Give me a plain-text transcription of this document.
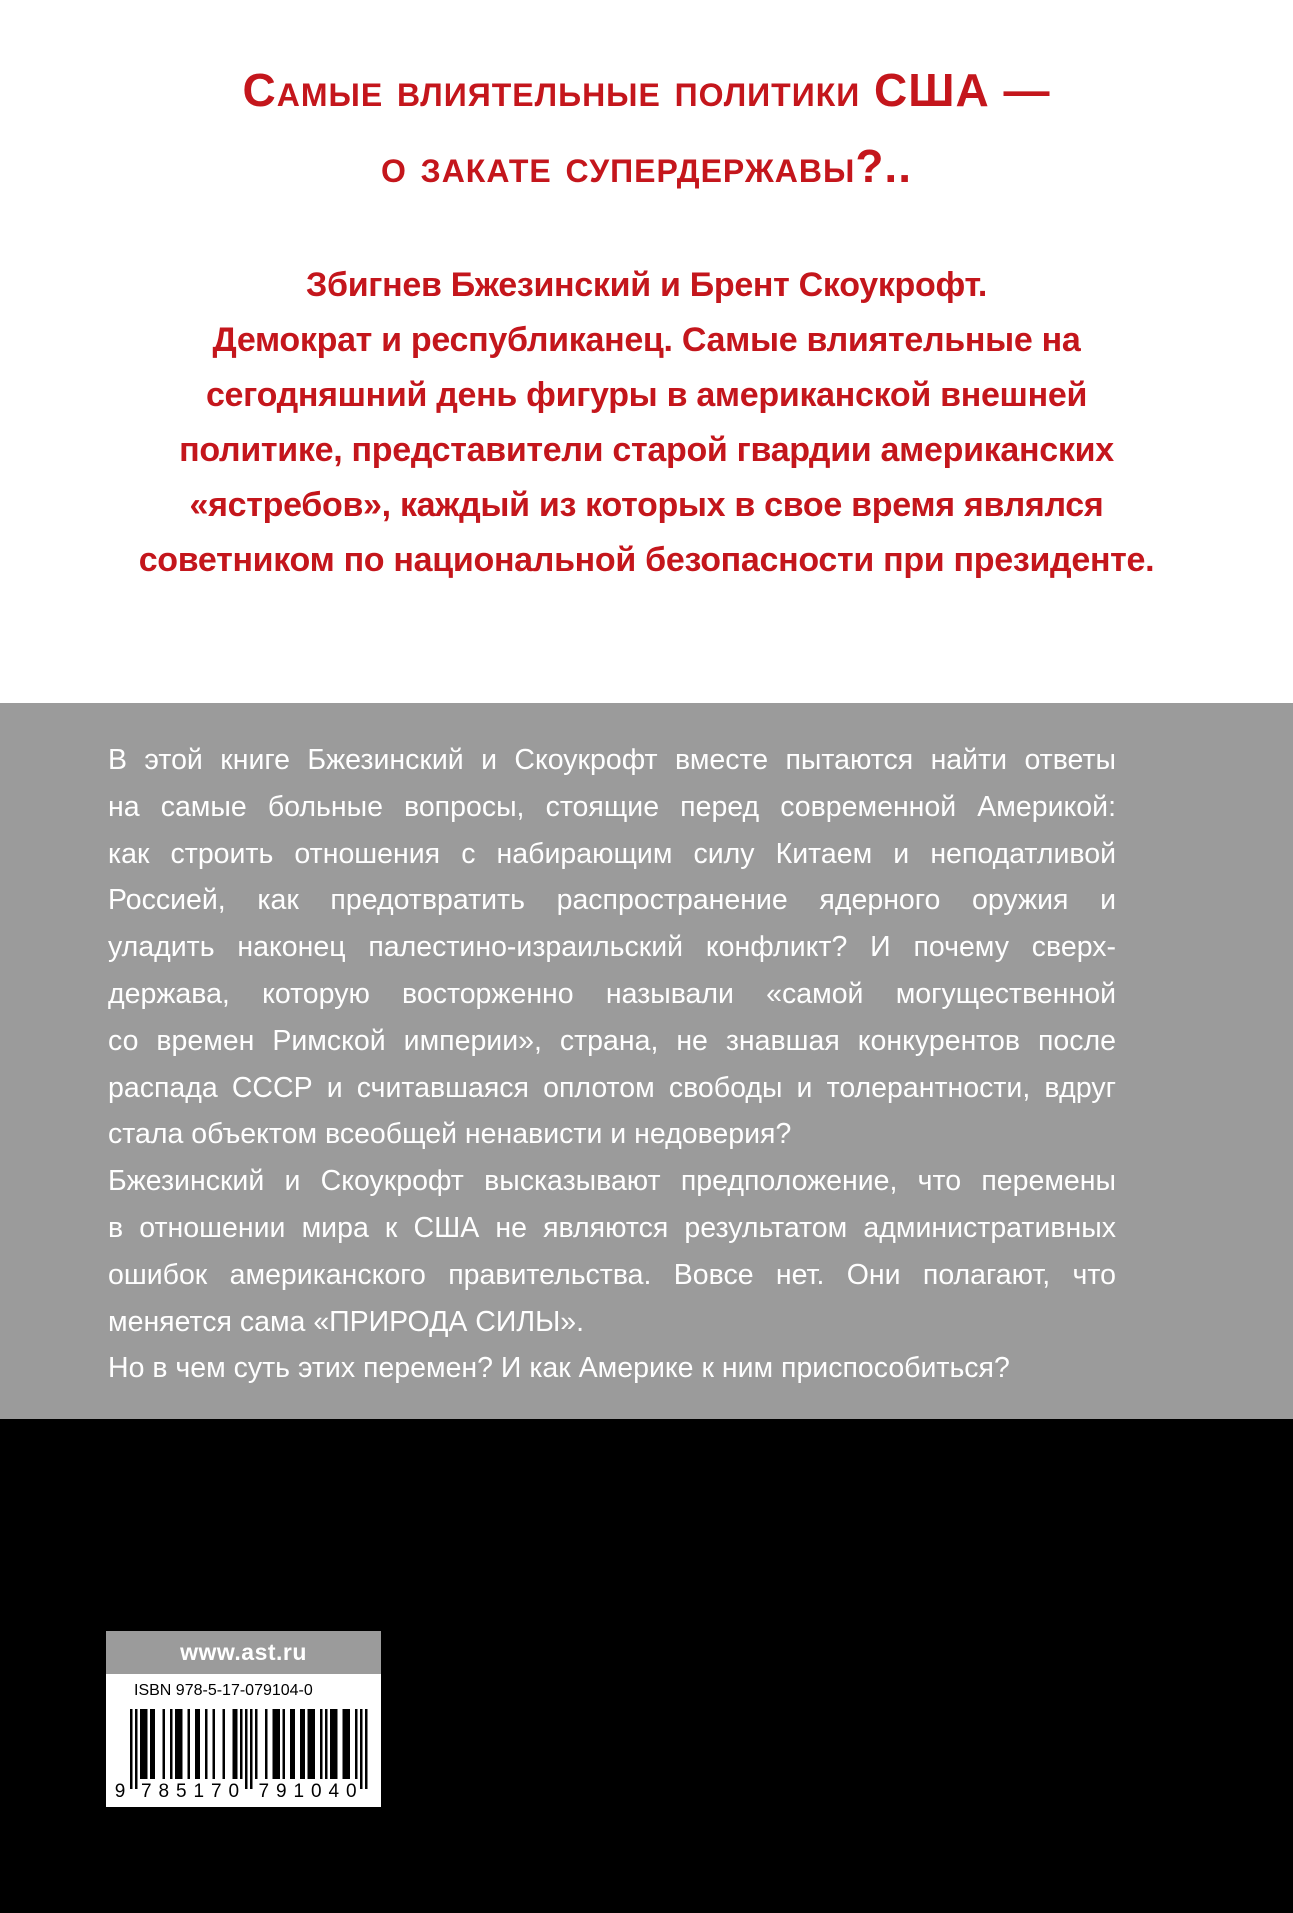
Самые влиятельные политики США —
о закате супердержавы?..

Збигнев Бжезинский и Брент Скоукрофт.
Демократ и республиканец. Самые влиятельные на
сегодняшний день фигуры в американской внешней
политике, представители старой гвардии американских
«ястребов», каждый из которых в свое время являлся
советником по национальной безопасности при президенте.

В этой книге Бжезинский и Скоукрофт вместе пытаются найти ответы
на самые больные вопросы, стоящие перед современной Америкой:
как строить отношения с набирающим силу Китаем и неподатливой
Россией, как предотвратить распространение ядерного оружия и
уладить наконец палестино-израильский конфликт? И почему сверх-
держава, которую восторженно называли «самой могущественной
со времен Римской империи», страна, не знавшая конкурентов после
распада СССР и считавшаяся оплотом свободы и толерантности, вдруг
стала объектом всеобщей ненависти и недоверия?
Бжезинский и Скоукрофт высказывают предположение, что перемены
в отношении мира к США не являются результатом административных
ошибок американского правительства. Вовсе нет. Они полагают, что
меняется сама «ПРИРОДА СИЛЫ».
Но в чем суть этих перемен? И как Америке к ним приспособиться?

www.ast.ru
ISBN 978-5-17-079104-0
9 7 8 5 1 7 0 7 9 1 0 4 0
